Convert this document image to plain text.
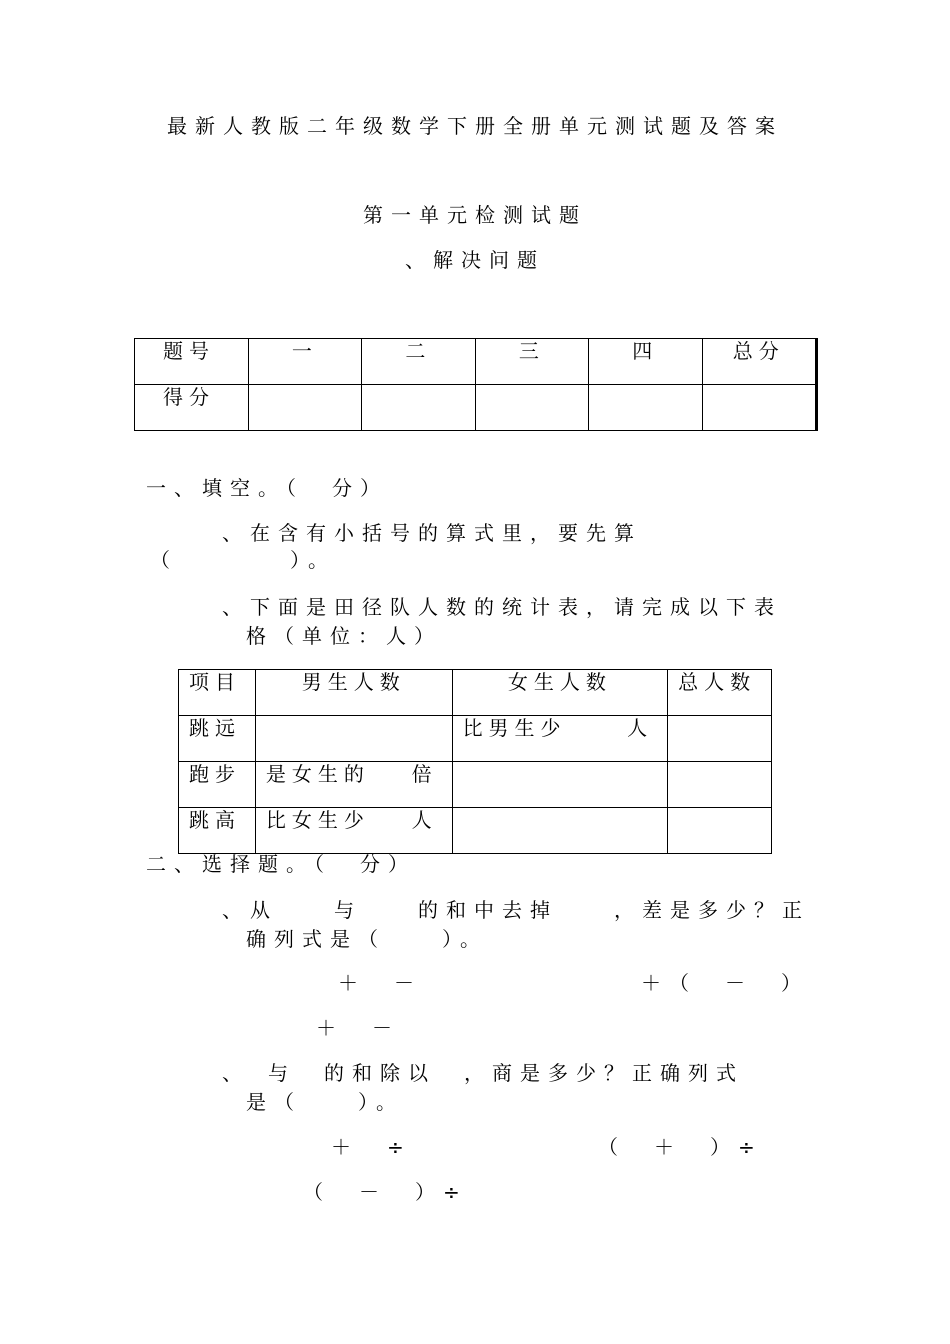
最新人教版二年级数学下册全册单元测试题及答案
第一单元检测试题
、解决问题
题号	一	二	三	四	总分
得分					
一、填空。（　分）
、在含有小括号的算式里，要先算
（　　　　）。
、下面是田径队人数的统计表，请完成以下表
格（单位：人）
项目	男生人数	女生人数	总人数
跳远		比男生少 人	

跑步	是女生的 倍		

跳高	比女生少 人		

二、选择题。（　分）
、从　　与　　的和中去掉　　，差是多少？正
确列式是（　　）。
＋　－	＋（　－　）
＋　－
、　与　的和除以　，商是多少？正确列式
是（　　）。
＋　÷	（　＋　）÷
（　－　）÷
